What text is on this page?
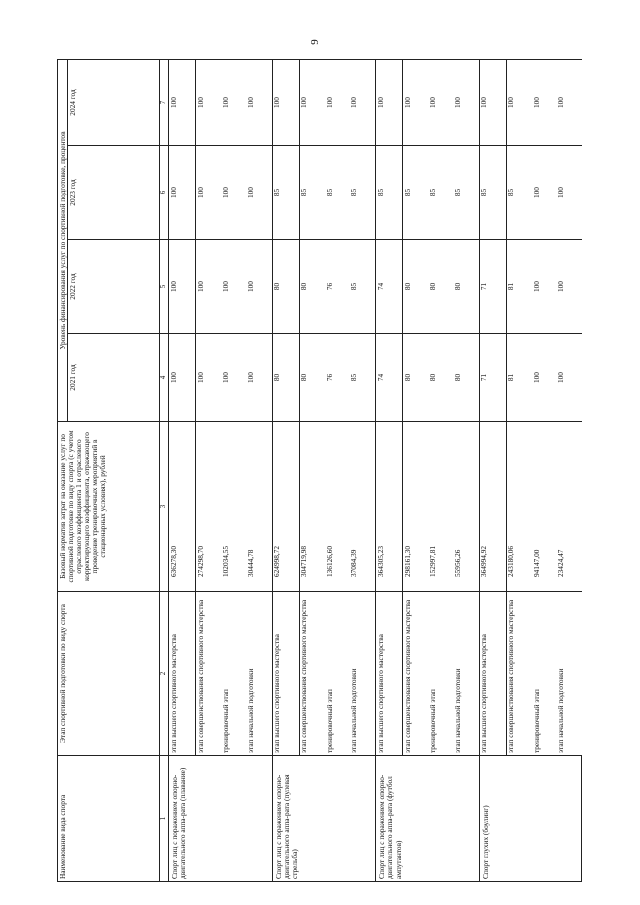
9
Наименование вида спорта	Этап спортивной подготовки по виду спорта	Базовый норматив затрат на оказание услуг по спортивной подготовке по виду спорта (с учетом отраслевого коэффициента 1 и отраслевого корректирующего коэффициента, отражающего проведение тренировочных мероприятий в стационарных условиях), рублей	Уровень финансирования услуг по спортивной подготовке, процентов			
			2021 год	2022 год	2023 год	2024 год
1	2	3	4	5	6	7
Спорт лиц с поражением опорно-двигательного аппа-рата (плавание)	этап высшего спортивного мастерства	636278,30	100	100	100	100
	этап совершенствования спортивного мастерства	274298,70	100	100	100	100
	тренировочный этап	102034,55	100	100	100	100
	этап начальной подготовки	30444,78	100	100	100	100
Спорт лиц с поражением опорно-двигательного аппа-рата (пулевая стрельба)	этап высшего спортивного мастерства	624998,72	80	80	85	100
	этап совершенствования спортивного мастерства	304719,98	80	80	85	100
	тренировочный этап	136126,60	76	76	85	100
	этап начальной подготовки	37084,39	85	85	85	100
Спорт лиц с поражением опорно-двигательного аппа-рата (футбол ампутантов)	этап высшего спортивного мастерства	364305,23	74	74	85	100
	этап совершенствования спортивного мастерства	298161,30	80	80	85	100
	тренировочный этап	152997,81	80	80	85	100
	этап начальной подготовки	55956,26	80	80	85	100
Спорт глухих (боулинг)	этап высшего спортивного мастерства	364994,92	71	71	85	100
	этап совершенствования спортивного мастерства	243180,06	81	81	85	100
	тренировочный этап	94147,00	100	100	100	100
	этап начальной подготовки	23424,47	100	100	100	100
